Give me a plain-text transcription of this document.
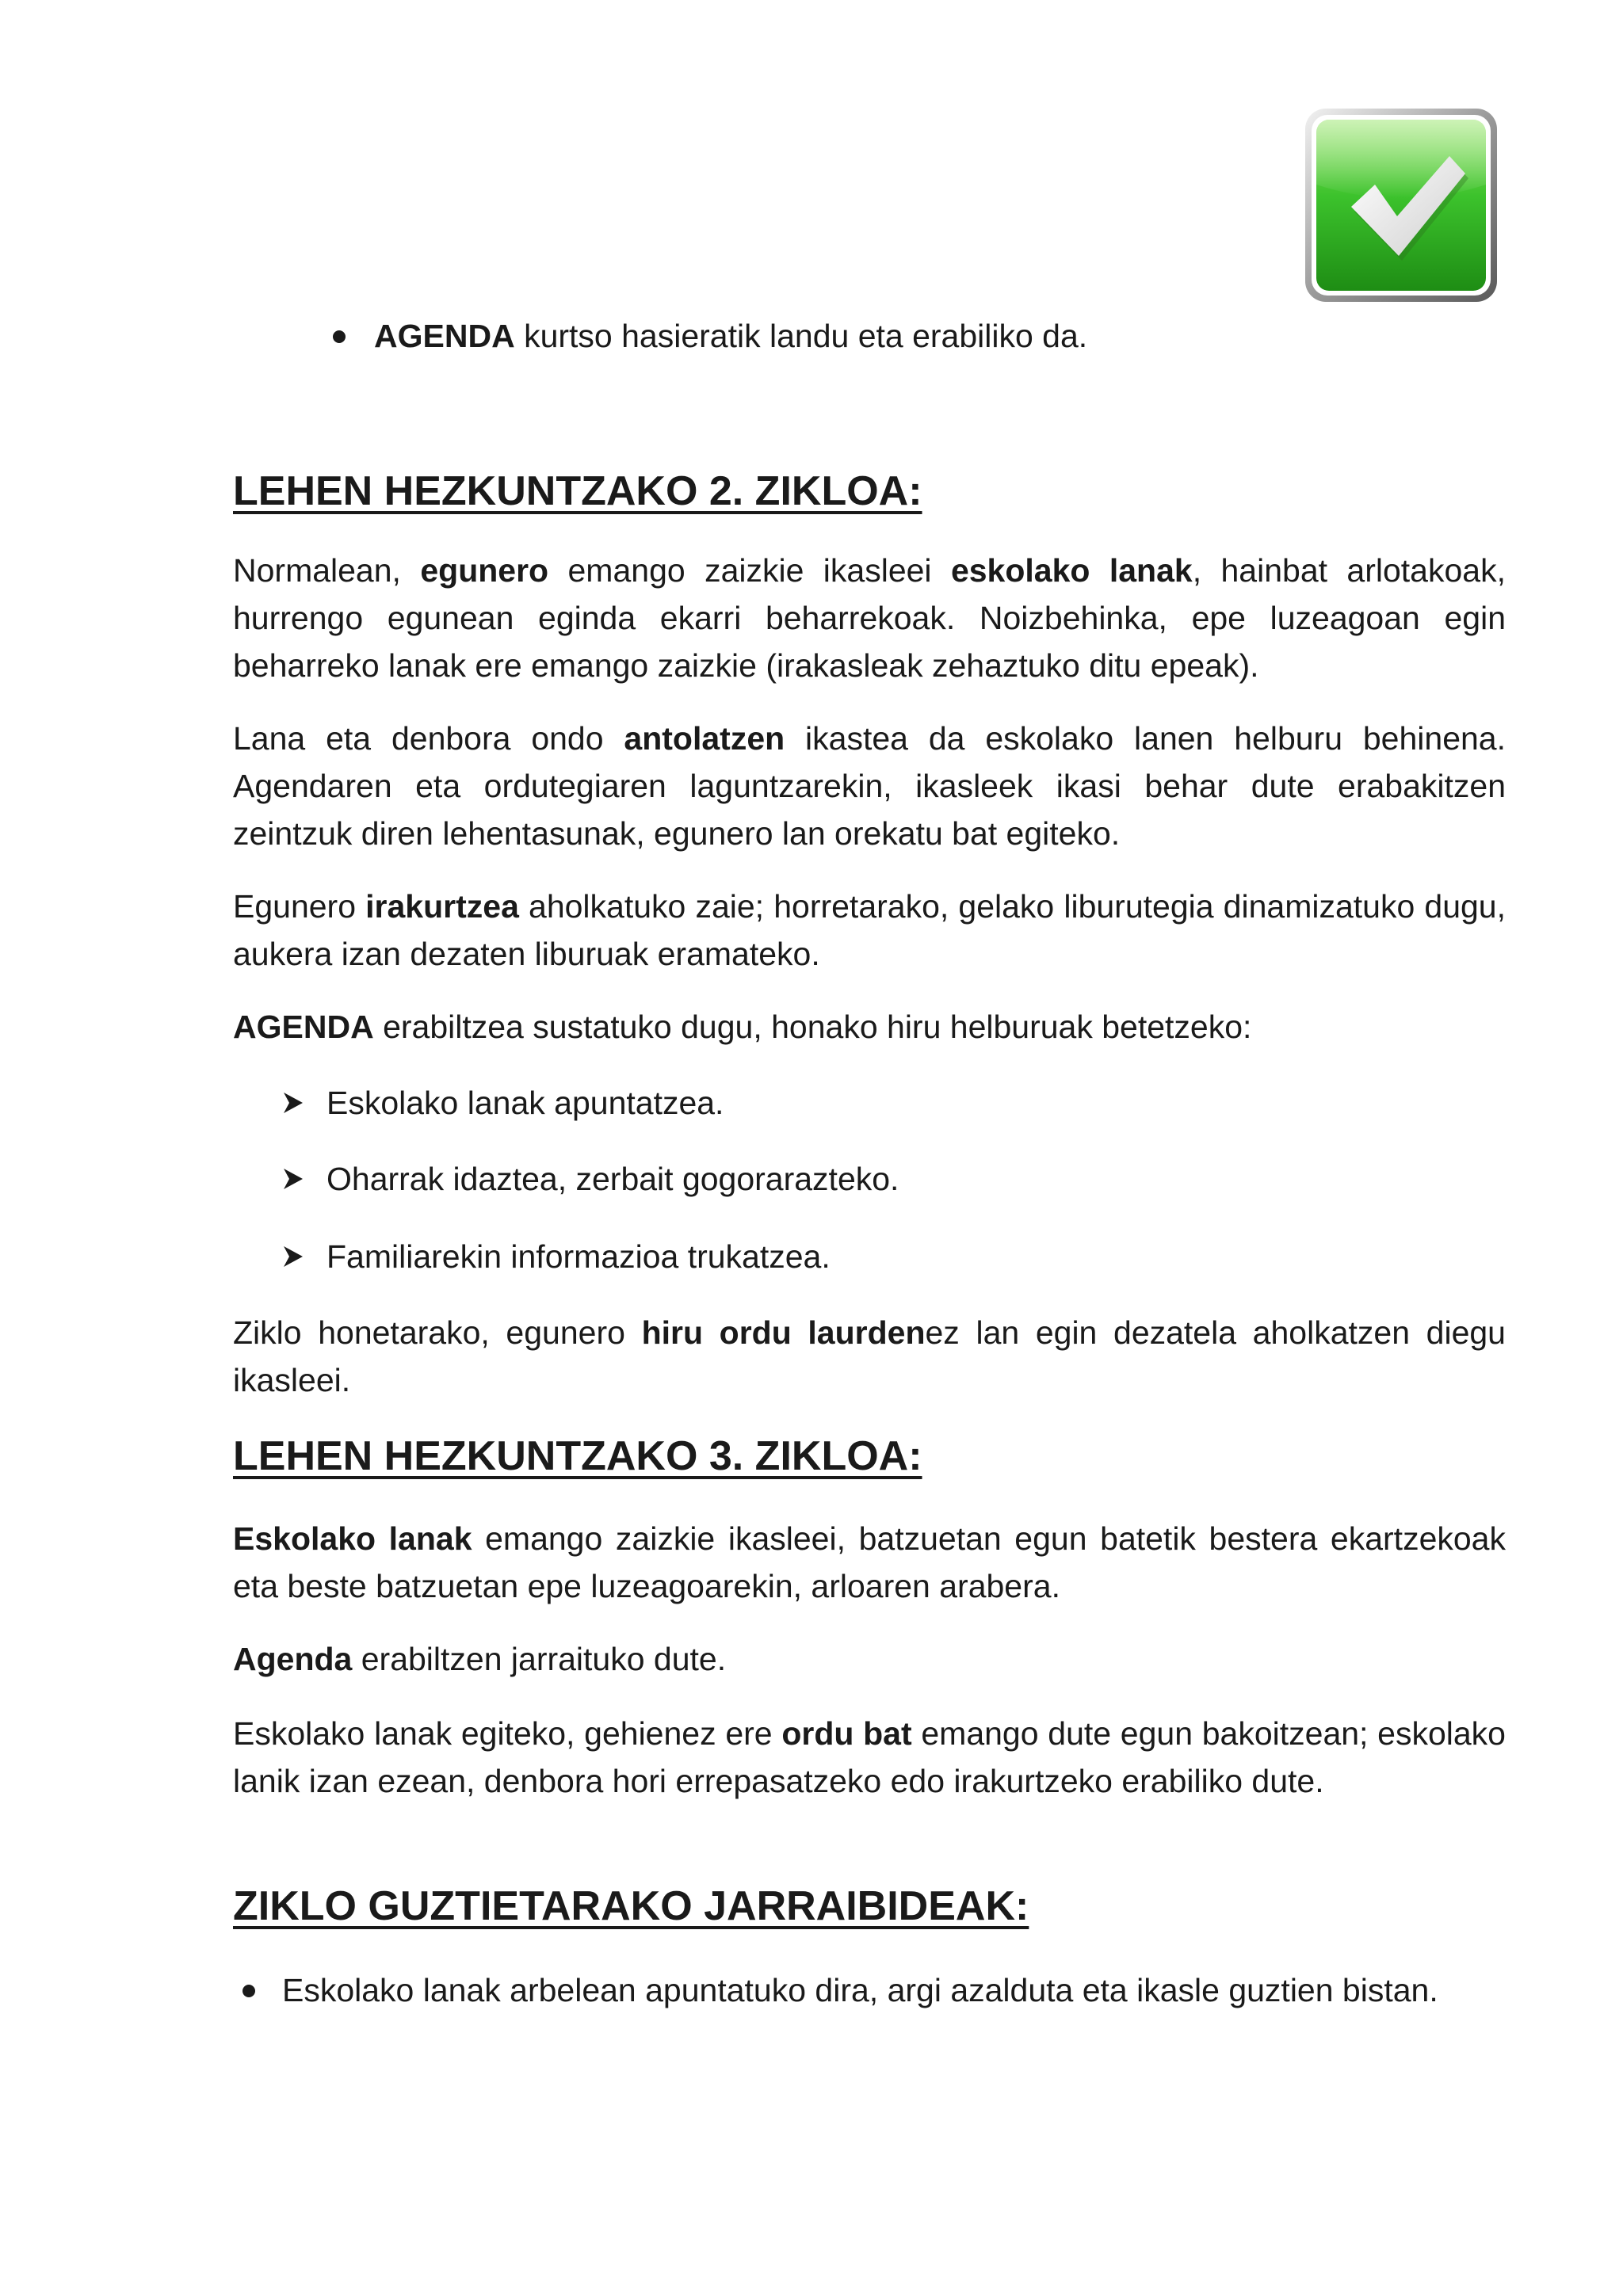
AGENDA kurtso hasieratik landu eta erabiliko da.
LEHEN HEZKUNTZAKO 2. ZIKLOA:

Normalean, egunero emango zaizkie ikasleei eskolako lanak, hainbat arlotakoak, hurrengo egunean eginda ekarri beharrekoak. Noizbehinka, epe luzeagoan egin beharreko lanak ere emango zaizkie (irakasleak zehaztuko ditu epeak).

Lana eta denbora ondo antolatzen ikastea da eskolako lanen helburu behinena. Agendaren eta ordutegiaren laguntzarekin, ikasleek ikasi behar dute erabakitzen zeintzuk diren lehentasunak, egunero lan orekatu bat egiteko.

Egunero irakurtzea aholkatuko zaie; horretarako, gelako liburutegia dinamizatuko dugu, aukera izan dezaten liburuak eramateko.

AGENDA erabiltzea sustatuko dugu, honako hiru helburuak betetzeko:

Eskolako lanak apuntatzea.
Oharrak idaztea, zerbait gogorarazteko.
Familiarekin informazioa trukatzea.

Ziklo honetarako, egunero hiru ordu laurdenez lan egin dezatela aholkatzen diegu ikasleei.

LEHEN HEZKUNTZAKO 3. ZIKLOA:

Eskolako lanak emango zaizkie ikasleei, batzuetan egun batetik bestera ekartzekoak eta beste batzuetan epe luzeagoarekin, arloaren arabera.

Agenda erabiltzen jarraituko dute.

Eskolako lanak egiteko, gehienez ere ordu bat emango dute egun bakoitzean; eskolako lanik izan ezean, denbora hori errepasatzeko edo irakurtzeko erabiliko dute.

ZIKLO GUZTIETARAKO JARRAIBIDEAK:

Eskolako lanak arbelean apuntatuko dira, argi azalduta eta ikasle guztien bistan.
